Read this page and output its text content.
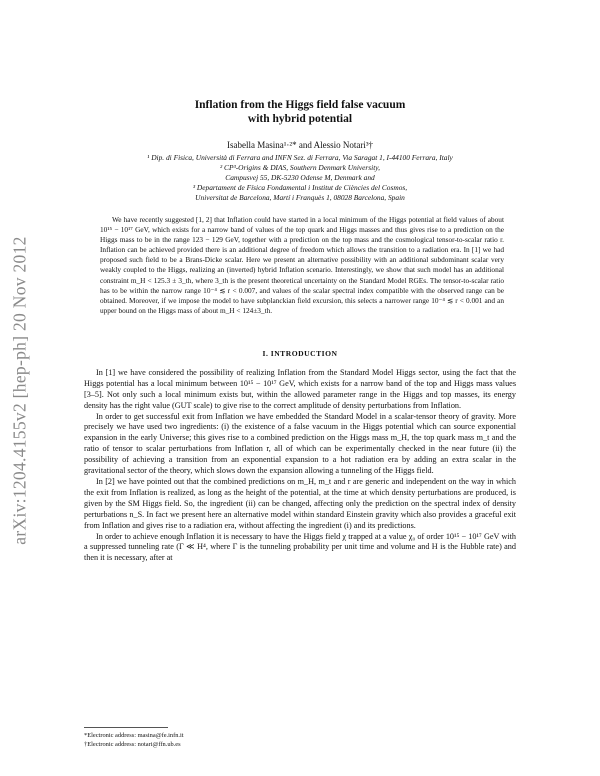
arXiv:1204.4155v2 [hep-ph] 20 Nov 2012
Inflation from the Higgs field false vacuum
with hybrid potential
Isabella Masina¹·²* and Alessio Notari³†
¹ Dip. di Fisica, Università di Ferrara and INFN Sez. di Ferrara, Via Saragat 1, I-44100 Ferrara, Italy
² CP³-Origins & DIAS, Southern Denmark University,
Campusvej 55, DK-5230 Odense M, Denmark and
³ Departament de Física Fondamental i Institut de Ciències del Cosmos,
Universitat de Barcelona, Martí i Franquès 1, 08028 Barcelona, Spain

We have recently suggested [1, 2] that Inflation could have started in a local minimum of the Higgs potential at field values of about 10¹⁵ − 10¹⁷ GeV, which exists for a narrow band of values of the top quark and Higgs masses and thus gives rise to a prediction on the Higgs mass to be in the range 123 − 129 GeV, together with a prediction on the top mass and the cosmological tensor-to-scalar ratio r. Inflation can be achieved provided there is an additional degree of freedom which allows the transition to a radiation era. In [1] we had proposed such field to be a Brans-Dicke scalar. Here we present an alternative possibility with an additional subdominant scalar very weakly coupled to the Higgs, realizing an (inverted) hybrid Inflation scenario. Interestingly, we show that such model has an additional constraint m_H < 125.3 ± 3_th, where 3_th is the present theoretical uncertainty on the Standard Model RGEs. The tensor-to-scalar ratio has to be within the narrow range 10⁻⁴ ≲ r < 0.007, and values of the scalar spectral index compatible with the observed range can be obtained. Moreover, if we impose the model to have subplanckian field excursion, this selects a narrower range 10⁻⁴ ≲ r < 0.001 and an upper bound on the Higgs mass of about m_H < 124±3_th.

I. INTRODUCTION

In [1] we have considered the possibility of realizing Inflation from the Standard Model Higgs sector, using the fact that the Higgs potential has a local minimum between 10¹⁵ − 10¹⁷ GeV, which exists for a narrow band of the top and Higgs mass values [3–5]. Not only such a local minimum exists but, within the allowed parameter range in the Higgs and top masses, its energy density has the right value (GUT scale) to give rise to the correct amplitude of density perturbations from Inflation.

In order to get successful exit from Inflation we have embedded the Standard Model in a scalar-tensor theory of gravity. More precisely we have used two ingredients: (i) the existence of a false vacuum in the Higgs potential which can source exponential expansion in the early Universe; this gives rise to a combined prediction on the Higgs mass m_H, the top quark mass m_t and the ratio of tensor to scalar perturbations from Inflation r, all of which can be experimentally checked in the near future (ii) the possibility of achieving a transition from an exponential expansion to a hot radiation era by adding an extra scalar in the gravitational sector of the theory, which slows down the expansion allowing a tunneling of the Higgs field.

In [2] we have pointed out that the combined predictions on m_H, m_t and r are generic and independent on the way in which the exit from Inflation is realized, as long as the height of the potential, at the time at which density perturbations are produced, is given by the SM Higgs field. So, the ingredient (ii) can be changed, affecting only the prediction on the spectral index of density perturbations n_S. In fact we present here an alternative model within standard Einstein gravity which also provides a graceful exit from Inflation and gives rise to a radiation era, without affecting the ingredient (i) and its predictions.

In order to achieve enough Inflation it is necessary to have the Higgs field χ trapped at a value χ₀ of order 10¹⁵ − 10¹⁷ GeV with a suppressed tunneling rate (Γ ≪ H⁴, where Γ is the tunneling probability per unit time and volume and H is the Hubble rate) and then it is necessary, after at

*Electronic address: masina@fe.infn.it
†Electronic address: notari@ffn.ub.es
